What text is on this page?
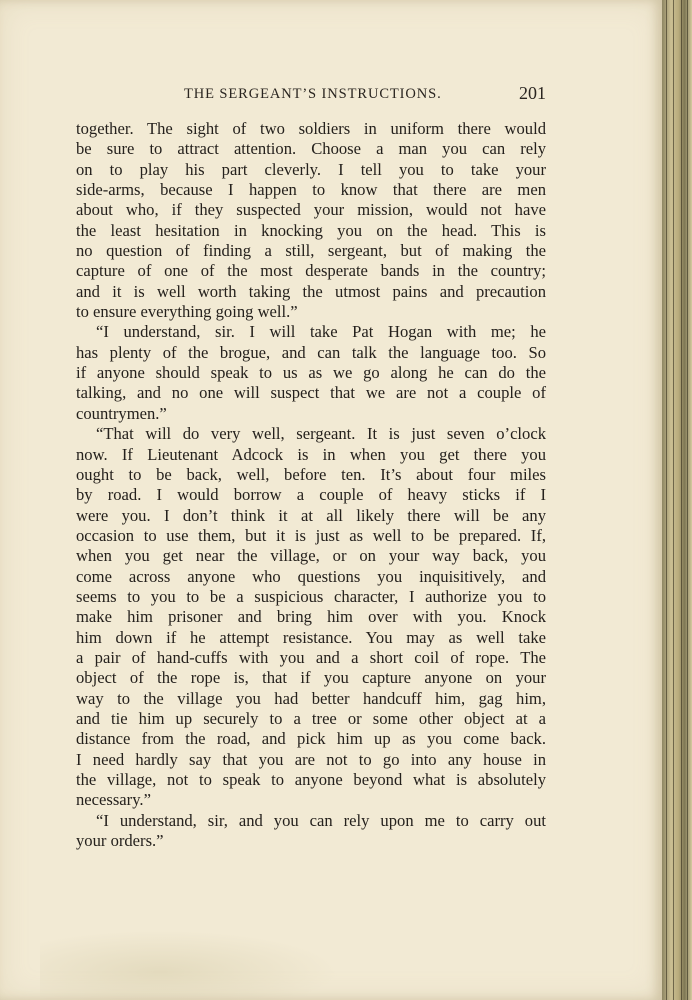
THE SERGEANT’S INSTRUCTIONS.	201
together. The sight of two soldiers in uniform there would
be sure to attract attention. Choose a man you can rely
on to play his part cleverly. I tell you to take your
side-arms, because I happen to know that there are men
about who, if they suspected your mission, would not have
the least hesitation in knocking you on the head. This is
no question of finding a still, sergeant, but of making the
capture of one of the most desperate bands in the country;
and it is well worth taking the utmost pains and precaution
to ensure everything going well.”
“I understand, sir. I will take Pat Hogan with me; he
has plenty of the brogue, and can talk the language too. So
if anyone should speak to us as we go along he can do the
talking, and no one will suspect that we are not a couple of
countrymen.”
“That will do very well, sergeant. It is just seven o’clock
now. If Lieutenant Adcock is in when you get there you
ought to be back, well, before ten. It’s about four miles
by road. I would borrow a couple of heavy sticks if I
were you. I don’t think it at all likely there will be any
occasion to use them, but it is just as well to be prepared. If,
when you get near the village, or on your way back, you
come across anyone who questions you inquisitively, and
seems to you to be a suspicious character, I authorize you to
make him prisoner and bring him over with you. Knock
him down if he attempt resistance. You may as well take
a pair of hand-cuffs with you and a short coil of rope. The
object of the rope is, that if you capture anyone on your
way to the village you had better handcuff him, gag him,
and tie him up securely to a tree or some other object at a
distance from the road, and pick him up as you come back.
I need hardly say that you are not to go into any house in
the village, not to speak to anyone beyond what is absolutely
necessary.”
“I understand, sir, and you can rely upon me to carry out
your orders.”
